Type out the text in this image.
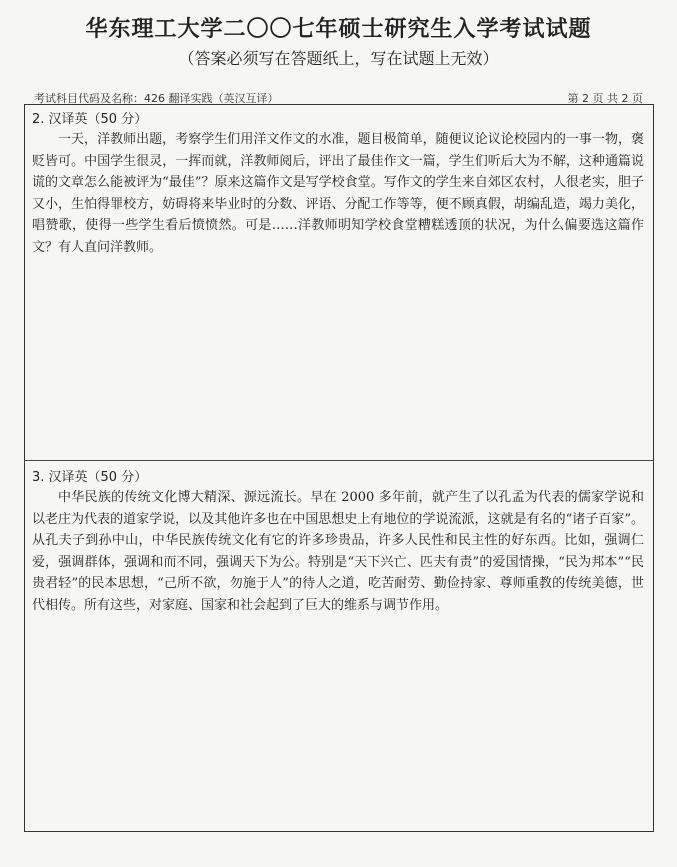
华东理工大学二〇〇七年硕士研究生入学考试试题
（答案必须写在答题纸上，写在试题上无效）
考试科目代码及名称：426 翻译实践（英汉互译）	第 2 页 共 2 页
2. 汉译英（50 分）

一天，洋教师出题，考察学生们用洋文作文的水准，题目极简单，随便议论议论校园内的一事一物，褒贬皆可。中国学生很灵，一挥而就，洋教师阅后，评出了最佳作文一篇，学生们听后大为不解，这种通篇说谎的文章怎么能被评为“最佳”？原来这篇作文是写学校食堂。写作文的学生来自郊区农村，人很老实，胆子又小，生怕得罪校方，妨碍将来毕业时的分数、评语、分配工作等等，便不顾真假，胡编乱造，竭力美化，唱赞歌，使得一些学生看后愤愤然。可是……洋教师明知学校食堂糟糕透顶的状况，为什么偏要选这篇作文？有人直问洋教师。

3. 汉译英（50 分）

中华民族的传统文化博大精深、源远流长。早在 2000 多年前，就产生了以孔孟为代表的儒家学说和以老庄为代表的道家学说，以及其他许多也在中国思想史上有地位的学说流派，这就是有名的“诸子百家”。从孔夫子到孙中山，中华民族传统文化有它的许多珍贵品，许多人民性和民主性的好东西。比如，强调仁爱，强调群体，强调和而不同，强调天下为公。特别是“天下兴亡、匹夫有责”的爱国情操，“民为邦本”“民贵君轻”的民本思想，“己所不欲，勿施于人”的待人之道，吃苦耐劳、勤俭持家、尊师重教的传统美德，世代相传。所有这些，对家庭、国家和社会起到了巨大的维系与调节作用。
